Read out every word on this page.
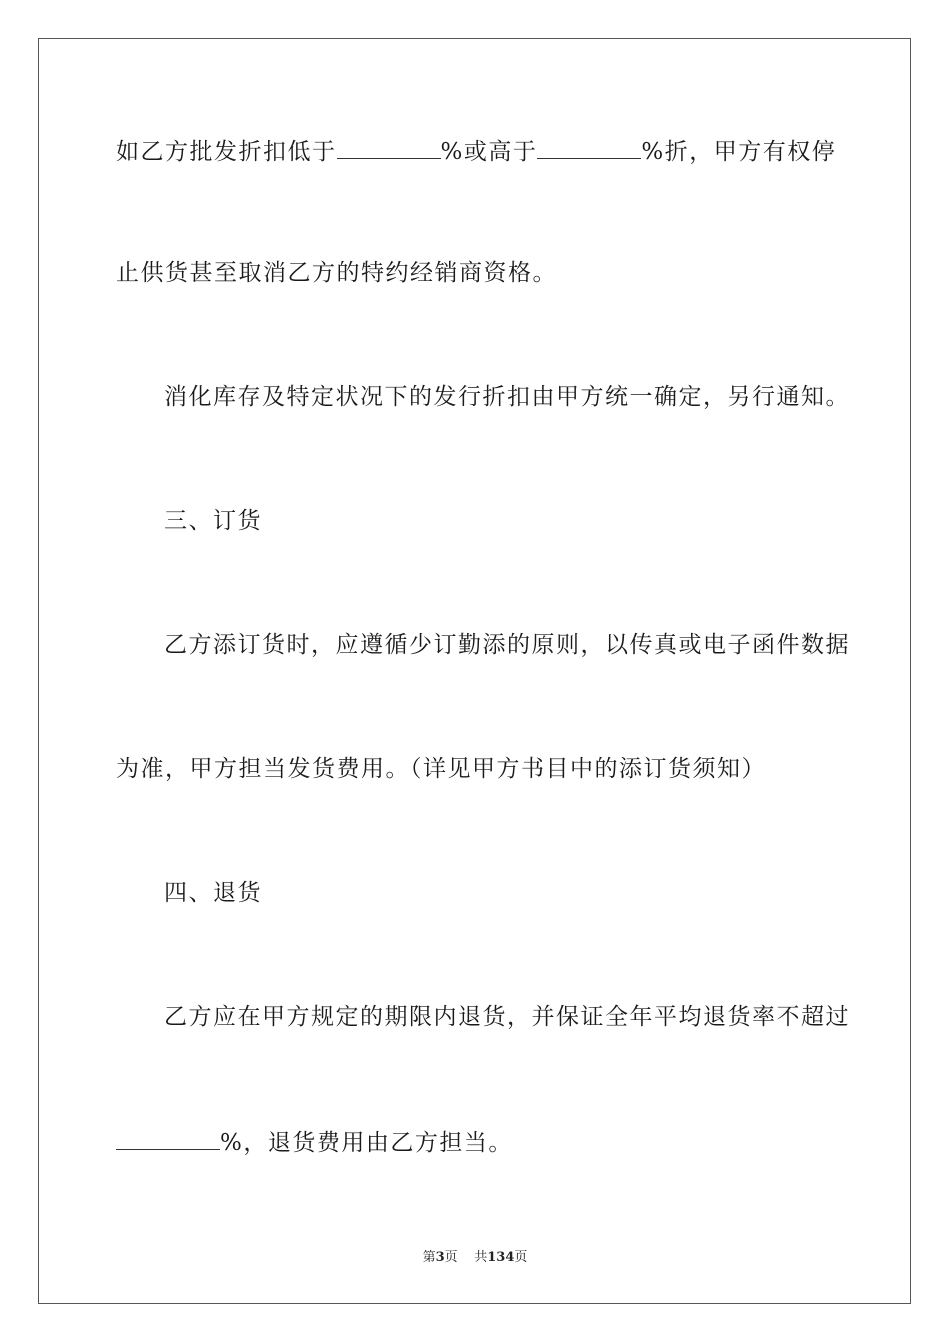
如乙方批发折扣低于	%或高于	%折，甲方有权停
止供货甚至取消乙方的特约经销商资格。
消化库存及特定状况下的发行折扣由甲方统一确定，另行通知。
三、订货
乙方添订货时，应遵循少订勤添的原则，以传真或电子函件数据
为准，甲方担当发货费用。（详见甲方书目中的添订货须知）
四、退货
乙方应在甲方规定的期限内退货，并保证全年平均退货率不超过
%，退货费用由乙方担当。
第3页 共134页
